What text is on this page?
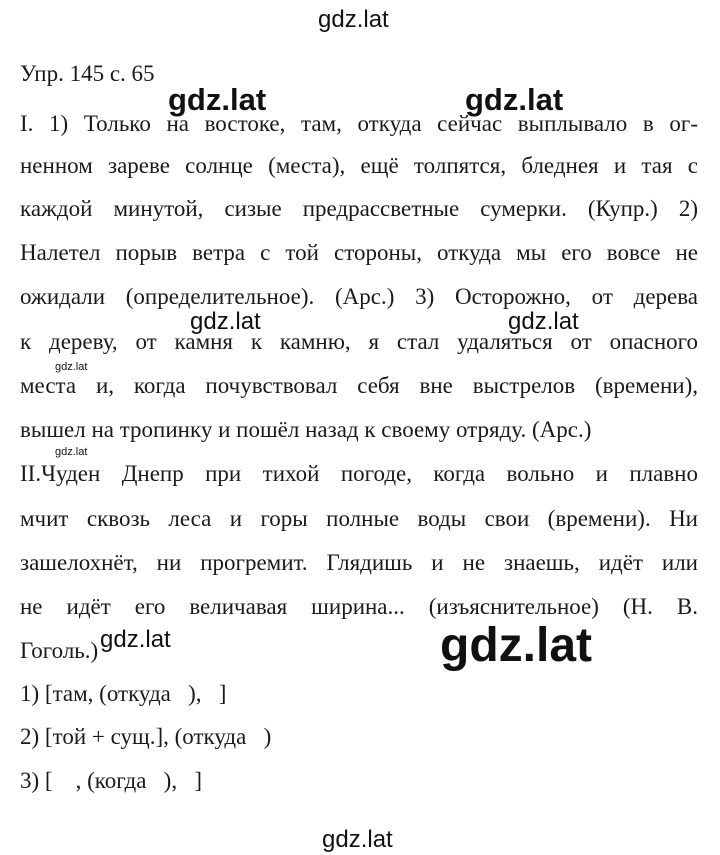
gdz.lat
Упр. 145 с. 65
I. 1) Только на востоке, там, откуда сейчас выплывало в ог-
ненном зареве солнце (места), ещё толпятся, бледнея и тая с
каждой минутой, сизые предрассветные сумерки. (Купр.) 2)
Налетел порыв ветра с той стороны, откуда мы его вовсе не
ожидали (определительное). (Арс.) 3) Осторожно, от дерева
к дереву, от камня к камню, я стал удаляться от опасного
места и, когда почувствовал себя вне выстрелов (времени),
вышел на тропинку и пошёл назад к своему отряду. (Арс.)
II.Чуден Днепр при тихой погоде, когда вольно и плавно
мчит сквозь леса и горы полные воды свои (времени). Ни
зашелохнёт, ни прогремит. Глядишь и не знаешь, идёт или
не идёт его величавая ширина... (изъяснительное) (Н. В.
Гоголь.)
1) [там, (откуда   ),   ]
2) [той + сущ.], (откуда   )
3) [    , (когда   ),   ]
gdz.lat	gdz.lat
gdz.lat	gdz.lat
gdz.lat
gdz.lat
gdz.lat	gdz.lat
gdz.lat
